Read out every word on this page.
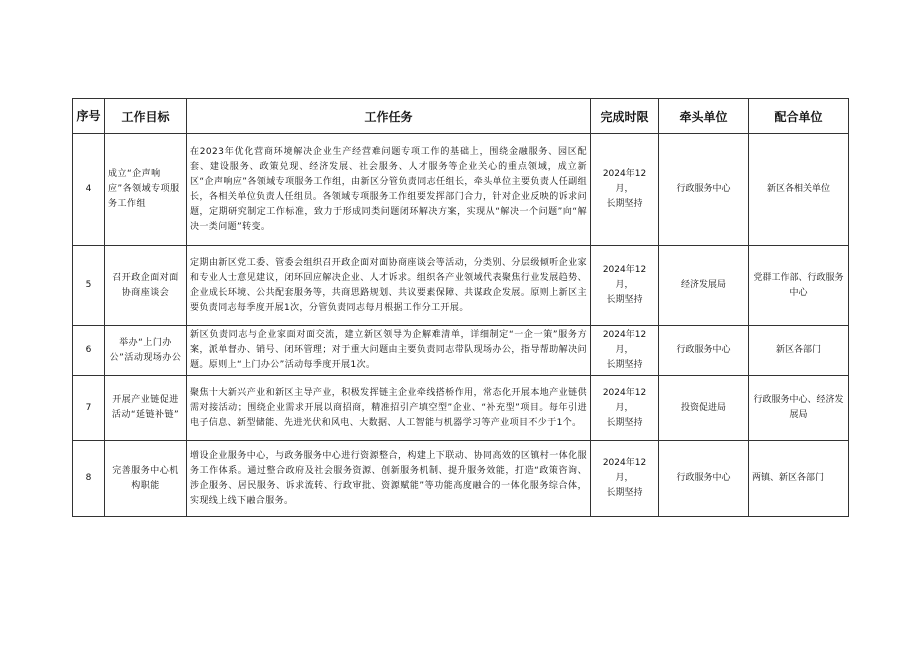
序号	工作目标	工作任务	完成时限	牵头单位	配合单位
4	成立“企声响应”各领域专项服务工作组	在2023年优化营商环境解决企业生产经营难问题专项工作的基础上，围绕金融服务、园区配套、建设服务、政策兑现、经济发展、社会服务、人才服务等企业关心的重点领域，成立新区“企声响应”各领域专项服务工作组，由新区分管负责同志任组长，牵头单位主要负责人任副组长，各相关单位负责人任组员。各领域专项服务工作组要发挥部门合力，针对企业反映的诉求问题，定期研究制定工作标准，致力于形成同类问题闭环解决方案，实现从“解决一个问题”向“解决一类问题”转变。	2024年12月，
长期坚持	行政服务中心	新区各相关单位
5	召开政企面对面协商座谈会	定期由新区党工委、管委会组织召开政企面对面协商座谈会等活动，分类别、分层级倾听企业家和专业人士意见建议，闭环回应解决企业、人才诉求。组织各产业领域代表聚焦行业发展趋势、企业成长环境、公共配套服务等，共商思路规划、共议要素保障、共谋政企发展。原则上新区主要负责同志每季度开展1次，分管负责同志每月根据工作分工开展。	2024年12月，
长期坚持	经济发展局	党群工作部、行政服务中心
6	举办“上门办公”活动现场办公	新区负责同志与企业家面对面交流，建立新区领导为企解难清单，详细制定“一企一策”服务方案，派单督办、销号、闭环管理；对于重大问题由主要负责同志带队现场办公，指导帮助解决问题。原则上“上门办公”活动每季度开展1次。	2024年12月，
长期坚持	行政服务中心	新区各部门
7	开展产业链促进活动“延链补链”	聚焦十大新兴产业和新区主导产业，积极发挥链主企业牵线搭桥作用，常态化开展本地产业链供需对接活动；围绕企业需求开展以商招商，精准招引产填空型”企业、“补充型”项目。每年引进电子信息、新型储能、先进光伏和风电、大数据、人工智能与机器学习等产业项目不少于1个。	2024年12月，
长期坚持	投资促进局	行政服务中心、经济发展局
8	完善服务中心机构职能	增设企业服务中心，与政务服务中心进行资源整合，构建上下联动、协同高效的区镇村一体化服务工作体系。通过整合政府及社会服务资源、创新服务机制、提升服务效能，打造“政策咨询、涉企服务、居民服务、诉求流转、行政审批、资源赋能”等功能高度融合的一体化服务综合体，实现线上线下融合服务。	2024年12月，
长期坚持	行政服务中心	两镇、新区各部门
